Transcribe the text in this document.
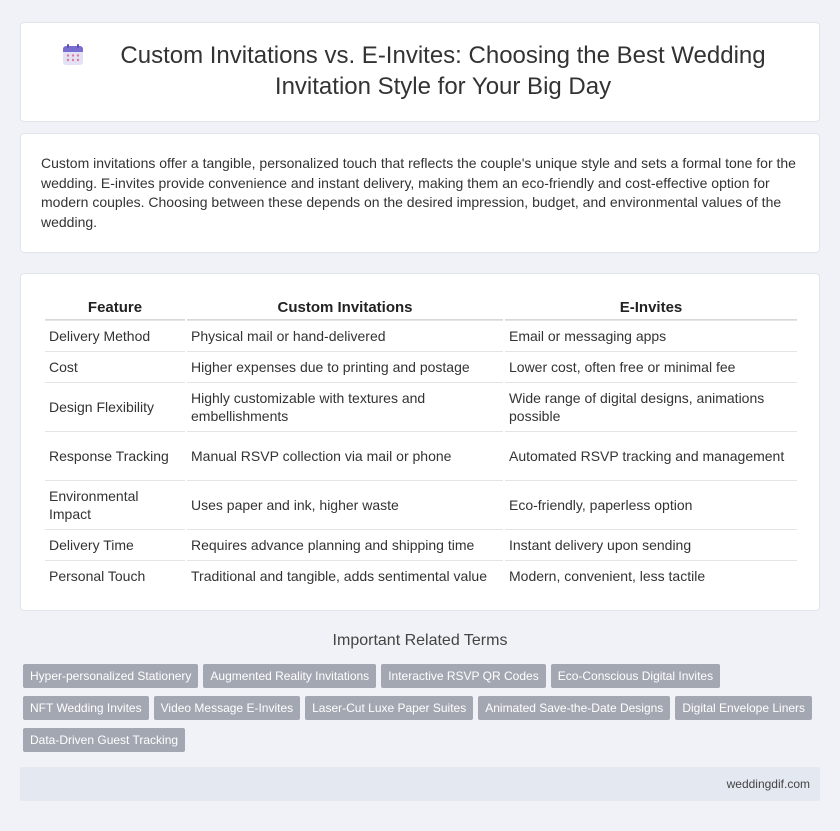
Custom Invitations vs. E-Invites: Choosing the Best Wedding Invitation Style for Your Big Day

Custom invitations offer a tangible, personalized touch that reflects the couple's unique style and sets a formal tone for the wedding. E-invites provide convenience and instant delivery, making them an eco-friendly and cost-effective option for modern couples. Choosing between these depends on the desired impression, budget, and environmental values of the wedding.

Feature	Custom Invitations	E-Invites
Delivery Method	Physical mail or hand-delivered	Email or messaging apps
Cost	Higher expenses due to printing and postage	Lower cost, often free or minimal fee
Design Flexibility	Highly customizable with textures and embellishments	Wide range of digital designs, animations possible
Response Tracking	Manual RSVP collection via mail or phone	Automated RSVP tracking and management
Environmental Impact	Uses paper and ink, higher waste	Eco-friendly, paperless option
Delivery Time	Requires advance planning and shipping time	Instant delivery upon sending
Personal Touch	Traditional and tangible, adds sentimental value	Modern, convenient, less tactile
Important Related Terms
Hyper-personalized Stationery Augmented Reality Invitations Interactive RSVP QR Codes Eco-Conscious Digital Invites
NFT Wedding Invites Video Message E-Invites Laser-Cut Luxe Paper Suites Animated Save-the-Date Designs Digital Envelope Liners
Data-Driven Guest Tracking
weddingdif.com
